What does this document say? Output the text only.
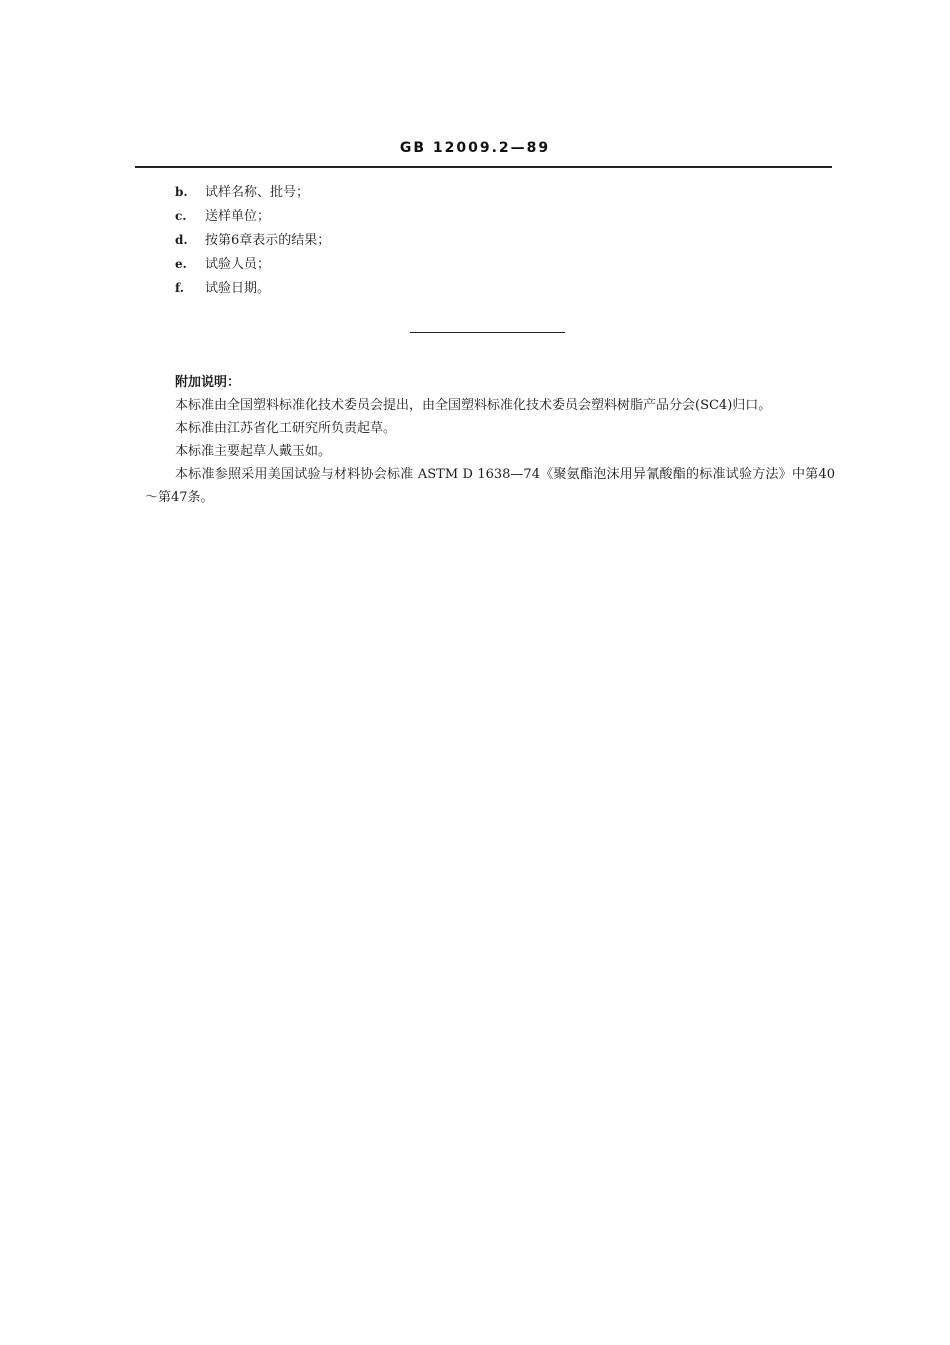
GB 12009.2—89
b. 试样名称、批号；
c. 送样单位；
d. 按第6章表示的结果；
e. 试验人员；
f. 试验日期。
附加说明：

本标准由全国塑料标准化技术委员会提出，由全国塑料标准化技术委员会塑料树脂产品分会(SC4)归口。

本标准由江苏省化工研究所负责起草。

本标准主要起草人戴玉如。

本标准参照采用美国试验与材料协会标准 ASTM D 1638—74《聚氨酯泡沫用异氰酸酯的标准试验方法》中第40～第47条。
